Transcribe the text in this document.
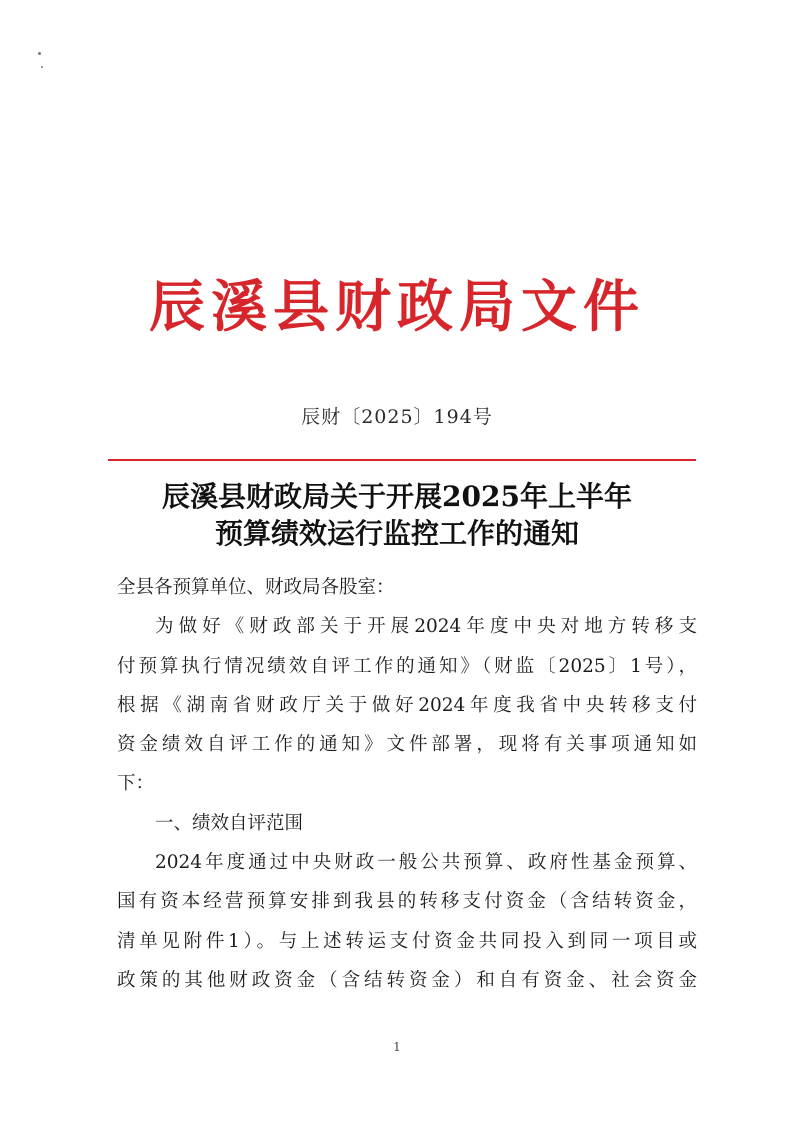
辰溪县财政局文件
辰财〔2025〕194号
辰溪县财政局关于开展2025年上半年
预算绩效运行监控工作的通知
全县各预算单位、财政局各股室：
为做好《财政部关于开展2024年度中央对地方转移支
付预算执行情况绩效自评工作的通知》（财监〔2025〕1号），
根据《湖南省财政厅关于做好2024年度我省中央转移支付
资金绩效自评工作的通知》文件部署，现将有关事项通知如
下：
一、绩效自评范围
2024年度通过中央财政一般公共预算、政府性基金预算、
国有资本经营预算安排到我县的转移支付资金（含结转资金，
清单见附件1）。与上述转运支付资金共同投入到同一项目或
政策的其他财政资金（含结转资金）和自有资金、社会资金
1
